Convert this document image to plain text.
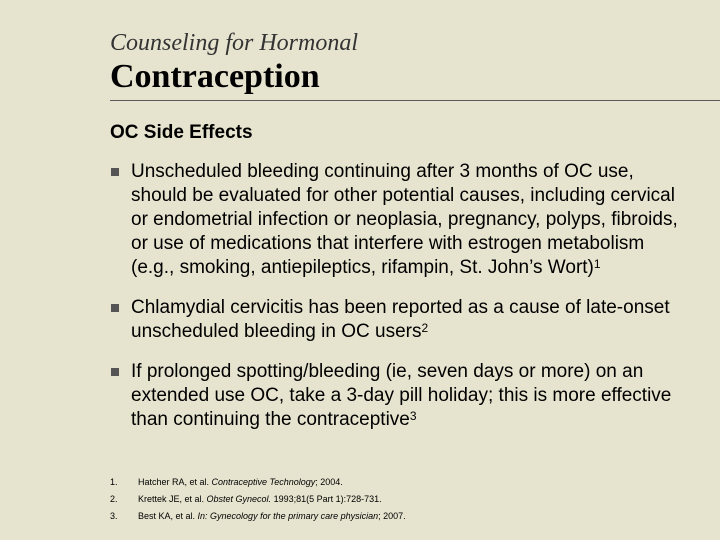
Counseling for Hormonal
Contraception
OC Side Effects
Unscheduled bleeding continuing after 3 months of OC use, should be evaluated for other potential causes, including cervical or endometrial infection or neoplasia, pregnancy, polyps, fibroids, or use of medications that interfere with estrogen metabolism (e.g., smoking, antiepileptics, rifampin, St. John’s Wort)$^1$
Chlamydial cervicitis has been reported as a cause of late-onset unscheduled bleeding in OC users$^2$
If prolonged spotting/bleeding (ie, seven days or more) on an extended use OC, take a 3-day pill holiday; this is more effective than continuing the contraceptive$^3$
1. Hatcher RA, et al. Contraceptive Technology; 2004.
2. Krettek JE, et al. Obstet Gynecol. 1993;81(5 Part 1):728-731.
3. Best KA, et al. In: Gynecology for the primary care physician; 2007.
